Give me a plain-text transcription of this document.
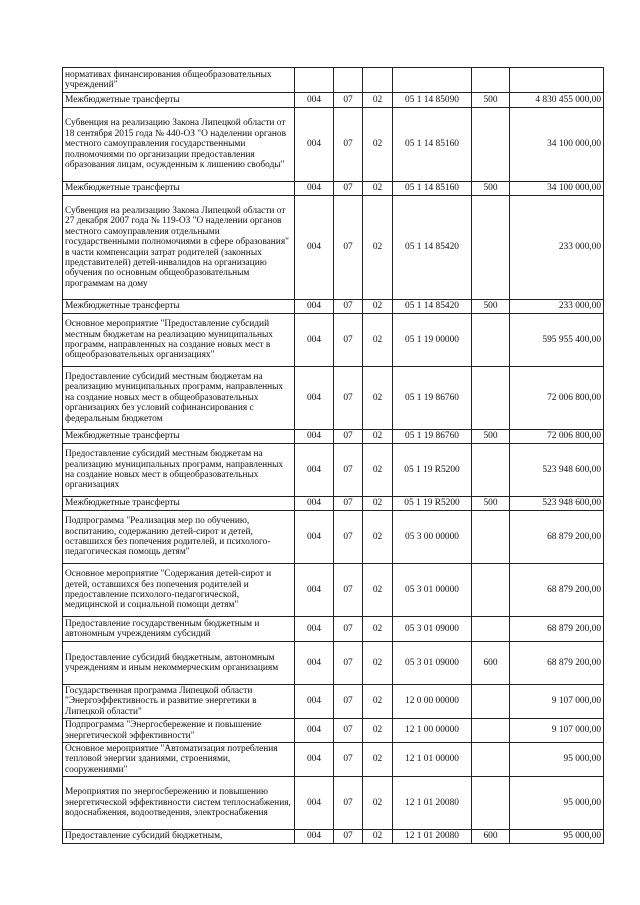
нормативах финансирования общеобразовательных учреждений"						
Межбюджетные трансферты	004	07	02	05 1 14 85090	500	4 830 455 000,00
Субвенция на реализацию Закона Липецкой области от 18 сентября 2015 года № 440-ОЗ "О наделении органов местного самоуправления государственными полномочиями по организации предоставления образования лицам, осужденным к лишению свободы"	004	07	02	05 1 14 85160		34 100 000,00
Межбюджетные трансферты	004	07	02	05 1 14 85160	500	34 100 000,00
Субвенция на реализацию Закона Липецкой области от 27 декабря 2007 года № 119-ОЗ "О наделении органов местного самоуправления отдельными государственными полномочиями в сфере образования" в части компенсации затрат родителей (законных представителей) детей-инвалидов на организацию обучения по основным общеобразовательным программам на дому	004	07	02	05 1 14 85420		233 000,00
Межбюджетные трансферты	004	07	02	05 1 14 85420	500	233 000,00
Основное мероприятие "Предоставление субсидий местным бюджетам на реализацию муниципальных программ, направленных на создание новых мест в общеобразовательных организациях"	004	07	02	05 1 19 00000		595 955 400,00
Предоставление субсидий местным бюджетам на реализацию муниципальных программ, направленных на создание новых мест в общеобразовательных организациях без условий софинансирования с федеральным бюджетом	004	07	02	05 1 19 86760		72 006 800,00
Межбюджетные трансферты	004	07	02	05 1 19 86760	500	72 006 800,00
Предоставление субсидий местным бюджетам на реализацию муниципальных программ, направленных на создание новых мест в общеобразовательных организациях	004	07	02	05 1 19 R5200		523 948 600,00
Межбюджетные трансферты	004	07	02	05 1 19 R5200	500	523 948 600,00
Подпрограмма "Реализация мер по обучению, воспитанию, содержанию детей-сирот и детей, оставшихся без попечения родителей, и психолого-педагогическая помощь детям"	004	07	02	05 3 00 00000		68 879 200,00
Основное мероприятие "Содержания детей-сирот и детей, оставшихся без попечения родителей и предоставление психолого-педагогической, медицинской и социальной помощи детям"	004	07	02	05 3 01 00000		68 879 200,00
Предоставление государственным бюджетным и автономным учреждениям субсидий	004	07	02	05 3 01 09000		68 879 200,00
Предоставление субсидий бюджетным, автономным учреждениям и иным некоммерческим организациям	004	07	02	05 3 01 09000	600	68 879 200,00
Государственная программа Липецкой области "Энергоэффективность и развитие энергетики в Липецкой области"	004	07	02	12 0 00 00000		9 107 000,00
Подпрограмма "Энергосбережение и повышение энергетической эффективности"	004	07	02	12 1 00 00000		9 107 000,00
Основное мероприятие "Автоматизация потребления тепловой энергии зданиями, строениями, сооружениями"	004	07	02	12 1 01 00000		95 000,00
Мероприятия по энергосбережению и повышению энергетической эффективности систем теплоснабжения, водоснабжения, водоотведения, электроснабжения	004	07	02	12 1 01 20080		95 000,00
Предоставление субсидий бюджетным,	004	07	02	12 1 01 20080	600	95 000,00
